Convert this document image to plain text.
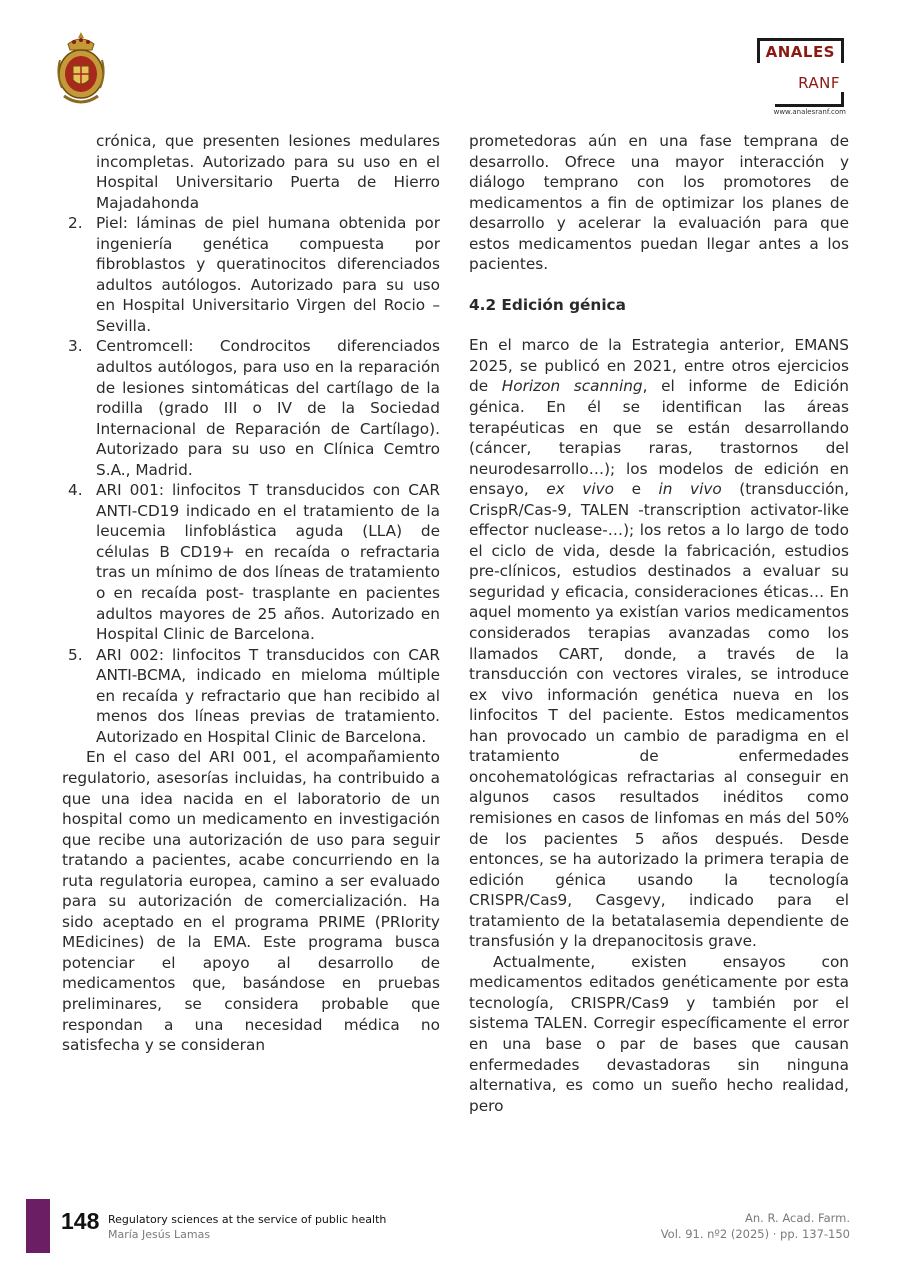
ANALES
RANF
www.analesranf.com

crónica, que presenten lesiones medulares incompletas. Autorizado para su uso en el Hospital Universitario Puerta de Hierro Majadahonda

2. Piel: láminas de piel humana obtenida por ingeniería genética compuesta por fibroblastos y queratinocitos diferenciados adultos autólogos. Autorizado para su uso en Hospital Universitario Virgen del Rocio – Sevilla.
3. Centromcell: Condrocitos diferenciados adultos autólogos, para uso en la reparación de lesiones sintomáticas del cartílago de la rodilla (grado III o IV de la Sociedad Internacional de Reparación de Cartílago). Autorizado para su uso en Clínica Cemtro S.A., Madrid.
4. ARI 001: linfocitos T transducidos con CAR ANTI-CD19 indicado en el tratamiento de la leucemia linfoblástica aguda (LLA) de células B CD19+ en recaída o refractaria tras un mínimo de dos líneas de tratamiento o en recaída post- trasplante en pacientes adultos mayores de 25 años. Autorizado en Hospital Clinic de Barcelona.
5. ARI 002: linfocitos T transducidos con CAR ANTI-BCMA, indicado en mieloma múltiple en recaída y refractario que han recibido al menos dos líneas previas de tratamiento. Autorizado en Hospital Clinic de Barcelona.

En el caso del ARI 001, el acompañamiento regulatorio, asesorías incluidas, ha contribuido a que una idea nacida en el laboratorio de un hospital como un medicamento en investigación que recibe una autorización de uso para seguir tratando a pacientes, acabe concurriendo en la ruta regulatoria europea, camino a ser evaluado para su autorización de comercialización. Ha sido aceptado en el programa PRIME (PRIority MEdicines) de la EMA. Este programa busca potenciar el apoyo al desarrollo de medicamentos que, basándose en pruebas preliminares, se considera probable que respondan a una necesidad médica no satisfecha y se consideran

prometedoras aún en una fase temprana de desarrollo. Ofrece una mayor interacción y diálogo temprano con los promotores de medicamentos a fin de optimizar los planes de desarrollo y acelerar la evaluación para que estos medicamentos puedan llegar antes a los pacientes.

4.2 Edición génica

En el marco de la Estrategia anterior, EMANS 2025, se publicó en 2021, entre otros ejercicios de Horizon scanning, el informe de Edición génica. En él se identifican las áreas terapéuticas en que se están desarrollando (cáncer, terapias raras, trastornos del neurodesarrollo…); los modelos de edición en ensayo, ex vivo e in vivo (transducción, CrispR/Cas-9, TALEN -transcription activator-like effector nuclease-…); los retos a lo largo de todo el ciclo de vida, desde la fabricación, estudios pre-clínicos, estudios destinados a evaluar su seguridad y eficacia, consideraciones éticas… En aquel momento ya existían varios medicamentos considerados terapias avanzadas como los llamados CART, donde, a través de la transducción con vectores virales, se introduce ex vivo información genética nueva en los linfocitos T del paciente. Estos medicamentos han provocado un cambio de paradigma en el tratamiento de enfermedades oncohematológicas refractarias al conseguir en algunos casos resultados inéditos como remisiones en casos de linfomas en más del 50% de los pacientes 5 años después. Desde entonces, se ha autorizado la primera terapia de edición génica usando la tecnología CRISPR/Cas9, Casgevy, indicado para el tratamiento de la betatalasemia dependiente de transfusión y la drepanocitosis grave.

Actualmente, existen ensayos con medicamentos editados genéticamente por esta tecnología, CRISPR/Cas9 y también por el sistema TALEN. Corregir específicamente el error en una base o par de bases que causan enfermedades devastadoras sin ninguna alternativa, es como un sueño hecho realidad, pero

148 Regulatory sciences at the service of public health
María Jesús Lamas
An. R. Acad. Farm.
Vol. 91. nº2 (2025) · pp. 137-150
